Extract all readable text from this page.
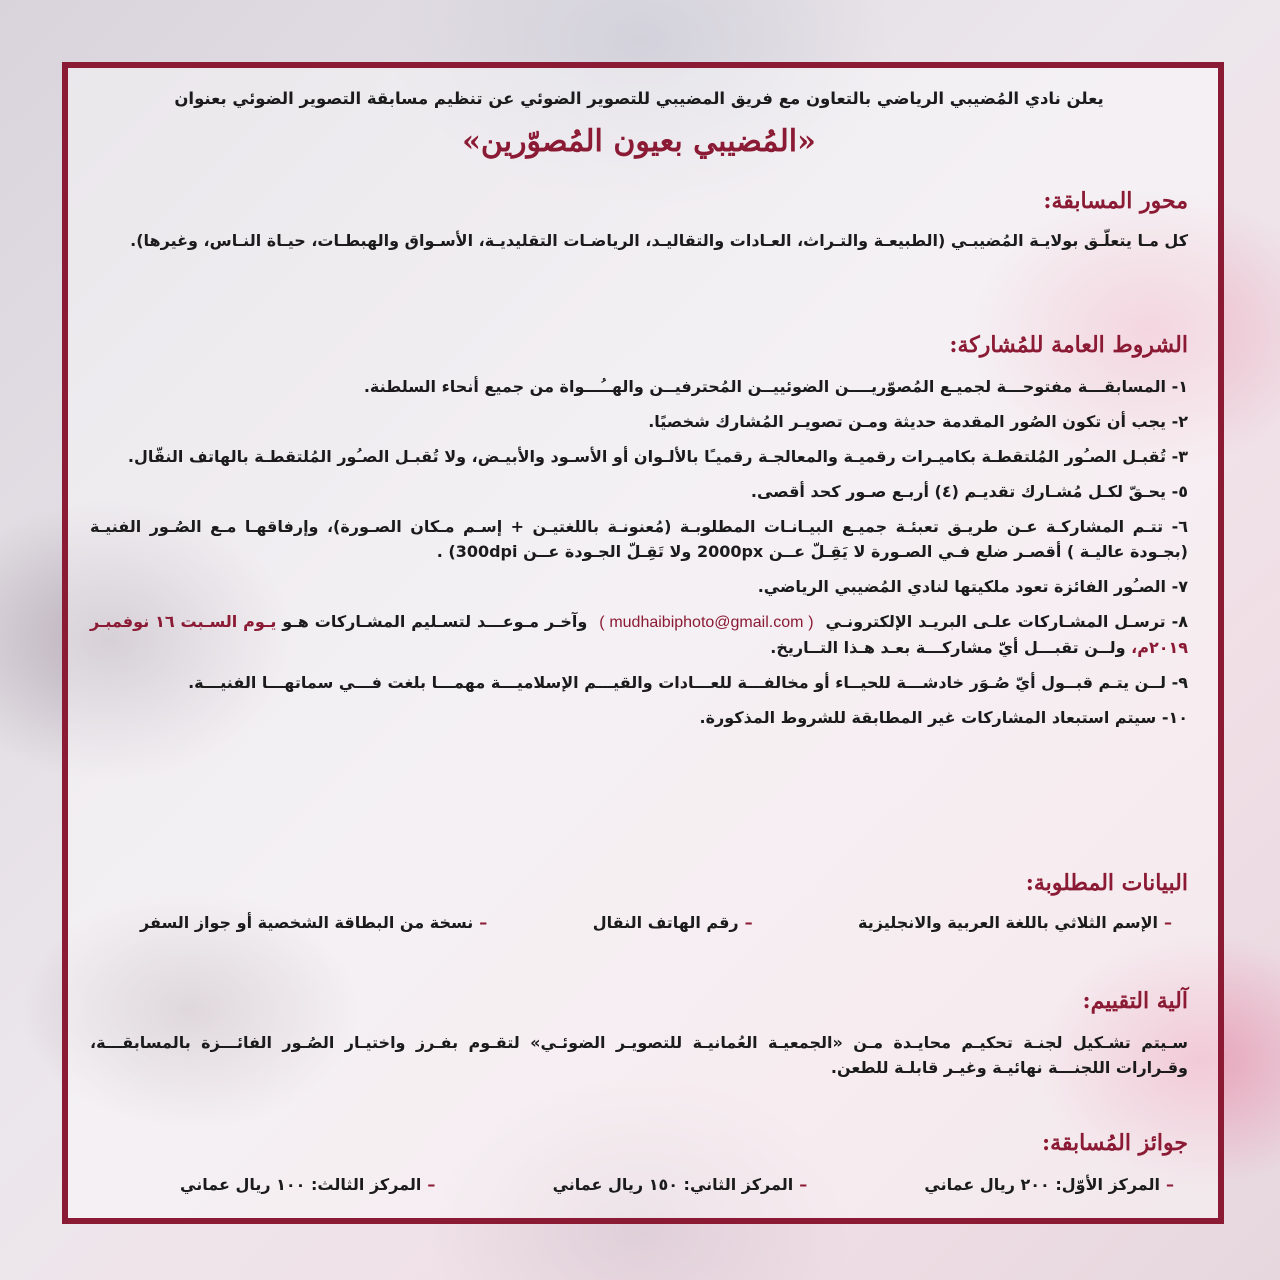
يعلن نادي المُضيبي الرياضي بالتعاون مع فريق المضيبي للتصوير الضوئي عن تنظيم مسابقة التصوير الضوئي بعنوان

«المُضيبي بعيون المُصوّرين»
محور المسابقة:

كل مـا يتعلّـق بولايـة المُضيبـي (الطبيعـة والتـراث، العـادات والتقاليـد، الرياضـات التقليديـة، الأسـواق والهبطـات، حيـاة النـاس، وغيرها).

الشروط العامة للمُشاركة:

١- المسابقـــة مفتوحـــة لجميـع المُصوّريــــن الضوئييــن المُحترفيــن والهــُـــواة من جميع أنحاء السلطنة.

٢- يجب أن تكون الصُور المقدمة حديثة ومـن تصويـر المُشارك شخصيًا.

٣- تُقبـل الصـُور المُلتقطـة بكاميـرات رقميـة والمعالجـة رقميـًا بالألـوان أو الأسـود والأبيـض، ولا تُقبـل الصـُور المُلتقطـة بالهاتف النقّال.

٥- يحـقّ لكـل مُشـارك تقديـم (٤) أربـع صـور كحد أقصى.

٦- تتـم المشاركـة عـن طريـق تعبئـة جميـع البيـانـات المطلوبـة (مُعنونـة باللغتيـن + إسـم مـكان الصـورة)، وإرفاقهـا مـع الصُـور الفنيـة (بجـودة عاليـة ) أقصـر ضلع فـي الصـورة لا يَقِـلّ عــن 2000px ولا تَقِـلّ الجـودة عــن 300dpi) .

٧- الصـُور الفائزة تعود ملكيتها لنادي المُضيبي الرياضي.

٨- ترسـل المشـاركات علـى البريـد الإلكترونـي ( mudhaibiphoto@gmail.com ) وآخـر مـوعـــد لتسـليم المشـاركات هـو يـوم السـبت ١٦ نوفمبـر ٢٠١٩م، ولــن تقبـــل أيّ مشاركـــة بعـد هـذا التــاريخ.

٩- لــن يتـم قبــول أيّ صُـوَر خادشـــة للحيــاء أو مخالفـــة للعـــادات والقيـــم الإسلاميـــة مهمـــا بلغت فـــي سماتهـــا الفنيـــة.

١٠- سيتم استبعاد المشاركات غير المطابقة للشروط المذكورة.

البيانات المطلوبة:
–الإسم الثلاثي باللغة العربية والانجليزية
–رقم الهاتف النقال
–نسخة من البطاقة الشخصية أو جواز السفر
آلية التقييم:

سـيتم تشـكيل لجنـة تحكيـم محايـدة مـن «الجمعيـة العُمانيـة للتصويـر الضوئـي» لتقـوم بفـرز واختيـار الصُـور الفائـــزة بالمسابقـــة، وقـرارات اللجنـــة نهائيـة وغيـر قابلـة للطعن.

جوائز المُسابقة:
–المركز الأوّل: ٢٠٠ ريال عماني
–المركز الثاني: ١٥٠ ريال عماني
–المركز الثالث: ١٠٠ ريال عماني
